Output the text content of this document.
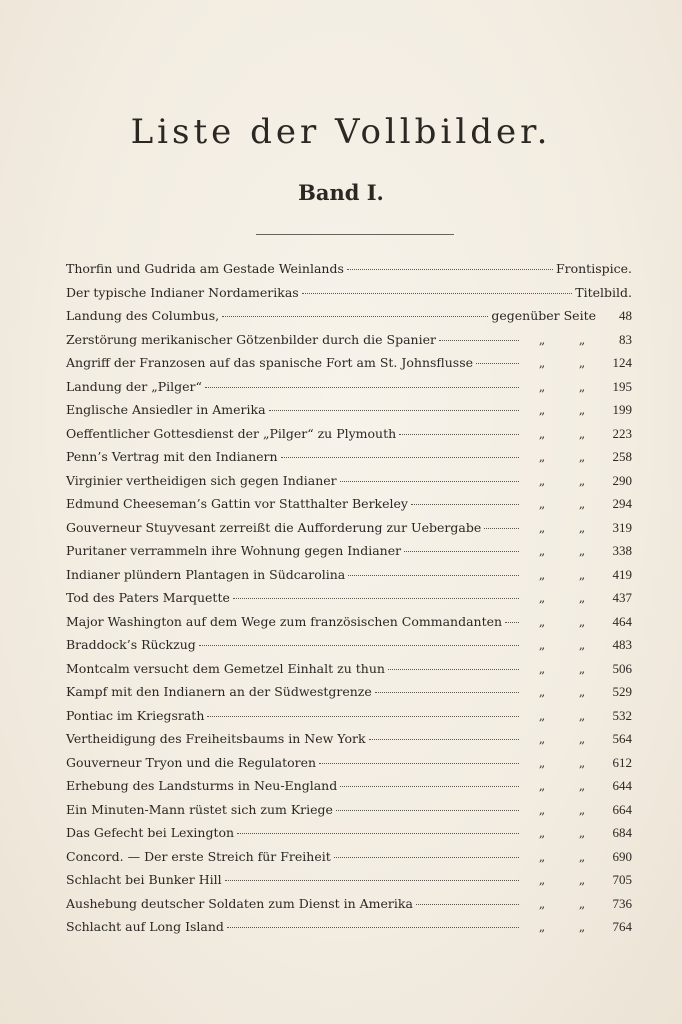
Liste der Vollbilder.
Band I.
Thorfin und Gudrida am Gestade Weinlands	Frontispice.
Der typische Indianer Nordamerikas	Titelbild.
Landung des Columbus,	gegenüber Seite	48
Zerstörung merikanischer Götzenbilder durch die Spanier	„	„	83
Angriff der Franzosen auf das spanische Fort am St. Johnsflusse	„	„	124
Landung der „Pilger“	„	„	195
Englische Ansiedler in Amerika	„	„	199
Oeffentlicher Gottesdienst der „Pilger“ zu Plymouth	„	„	223
Penn’s Vertrag mit den Indianern	„	„	258
Virginier vertheidigen sich gegen Indianer	„	„	290
Edmund Cheeseman’s Gattin vor Statthalter Berkeley	„	„	294
Gouverneur Stuyvesant zerreißt die Aufforderung zur Uebergabe	„	„	319
Puritaner verrammeln ihre Wohnung gegen Indianer	„	„	338
Indianer plündern Plantagen in Südcarolina	„	„	419
Tod des Paters Marquette	„	„	437
Major Washington auf dem Wege zum französischen Commandanten	„	„	464
Braddock’s Rückzug	„	„	483
Montcalm versucht dem Gemetzel Einhalt zu thun	„	„	506
Kampf mit den Indianern an der Südwestgrenze	„	„	529
Pontiac im Kriegsrath	„	„	532
Vertheidigung des Freiheitsbaums in New York	„	„	564
Gouverneur Tryon und die Regulatoren	„	„	612
Erhebung des Landsturms in Neu-England	„	„	644
Ein Minuten-Mann rüstet sich zum Kriege	„	„	664
Das Gefecht bei Lexington	„	„	684
Concord. — Der erste Streich für Freiheit	„	„	690
Schlacht bei Bunker Hill	„	„	705
Aushebung deutscher Soldaten zum Dienst in Amerika	„	„	736
Schlacht auf Long Island	„	„	764
